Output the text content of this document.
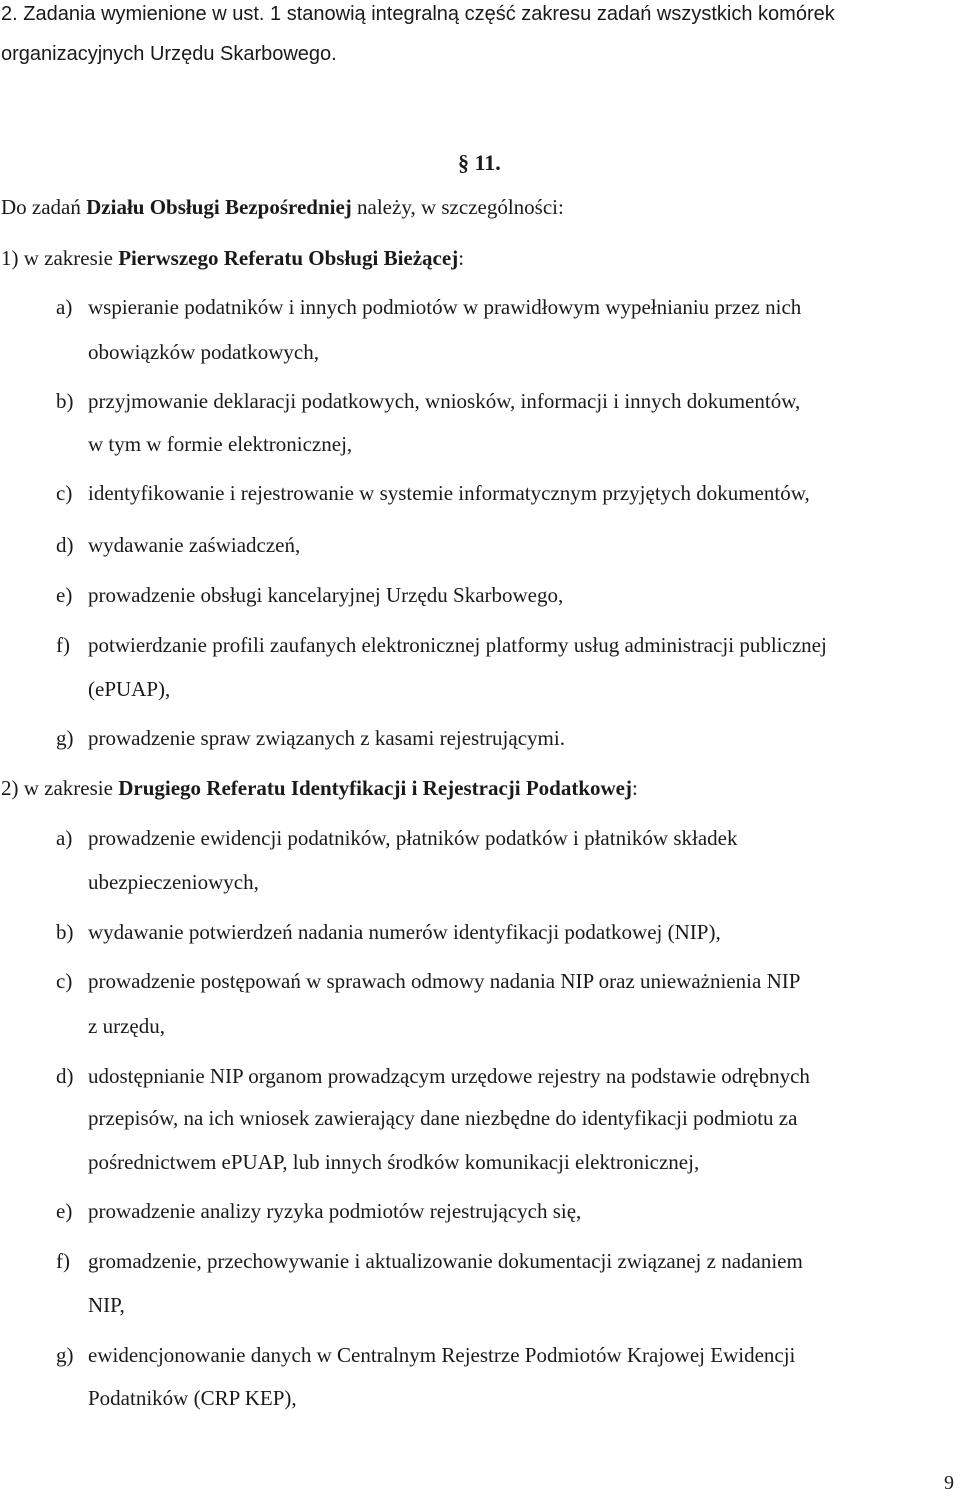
2. Zadania wymienione w ust. 1 stanowią integralną część zakresu zadań wszystkich komórek
organizacyjnych Urzędu Skarbowego.
§ 11.
Do zadań Działu Obsługi Bezpośredniej należy, w szczególności:
1) w zakresie Pierwszego Referatu Obsługi Bieżącej:
a) wspieranie podatników i innych podmiotów w prawidłowym wypełnianiu przez nich
obowiązków podatkowych,
b) przyjmowanie deklaracji podatkowych, wniosków, informacji i innych dokumentów,
w tym w formie elektronicznej,
c) identyfikowanie i rejestrowanie w systemie informatycznym przyjętych dokumentów,
d) wydawanie zaświadczeń,
e) prowadzenie obsługi kancelaryjnej Urzędu Skarbowego,
f) potwierdzanie profili zaufanych elektronicznej platformy usług administracji publicznej
(ePUAP),
g) prowadzenie spraw związanych z kasami rejestrującymi.
2) w zakresie Drugiego Referatu Identyfikacji i Rejestracji Podatkowej:
a) prowadzenie ewidencji podatników, płatników podatków i płatników składek
ubezpieczeniowych,
b) wydawanie potwierdzeń nadania numerów identyfikacji podatkowej (NIP),
c) prowadzenie postępowań w sprawach odmowy nadania NIP oraz unieważnienia NIP
z urzędu,
d) udostępnianie NIP organom prowadzącym urzędowe rejestry na podstawie odrębnych
przepisów, na ich wniosek zawierający dane niezbędne do identyfikacji podmiotu za
pośrednictwem ePUAP, lub innych środków komunikacji elektronicznej,
e) prowadzenie analizy ryzyka podmiotów rejestrujących się,
f) gromadzenie, przechowywanie i aktualizowanie dokumentacji związanej z nadaniem
NIP,
g) ewidencjonowanie danych w Centralnym Rejestrze Podmiotów Krajowej Ewidencji
Podatników (CRP KEP),
9
